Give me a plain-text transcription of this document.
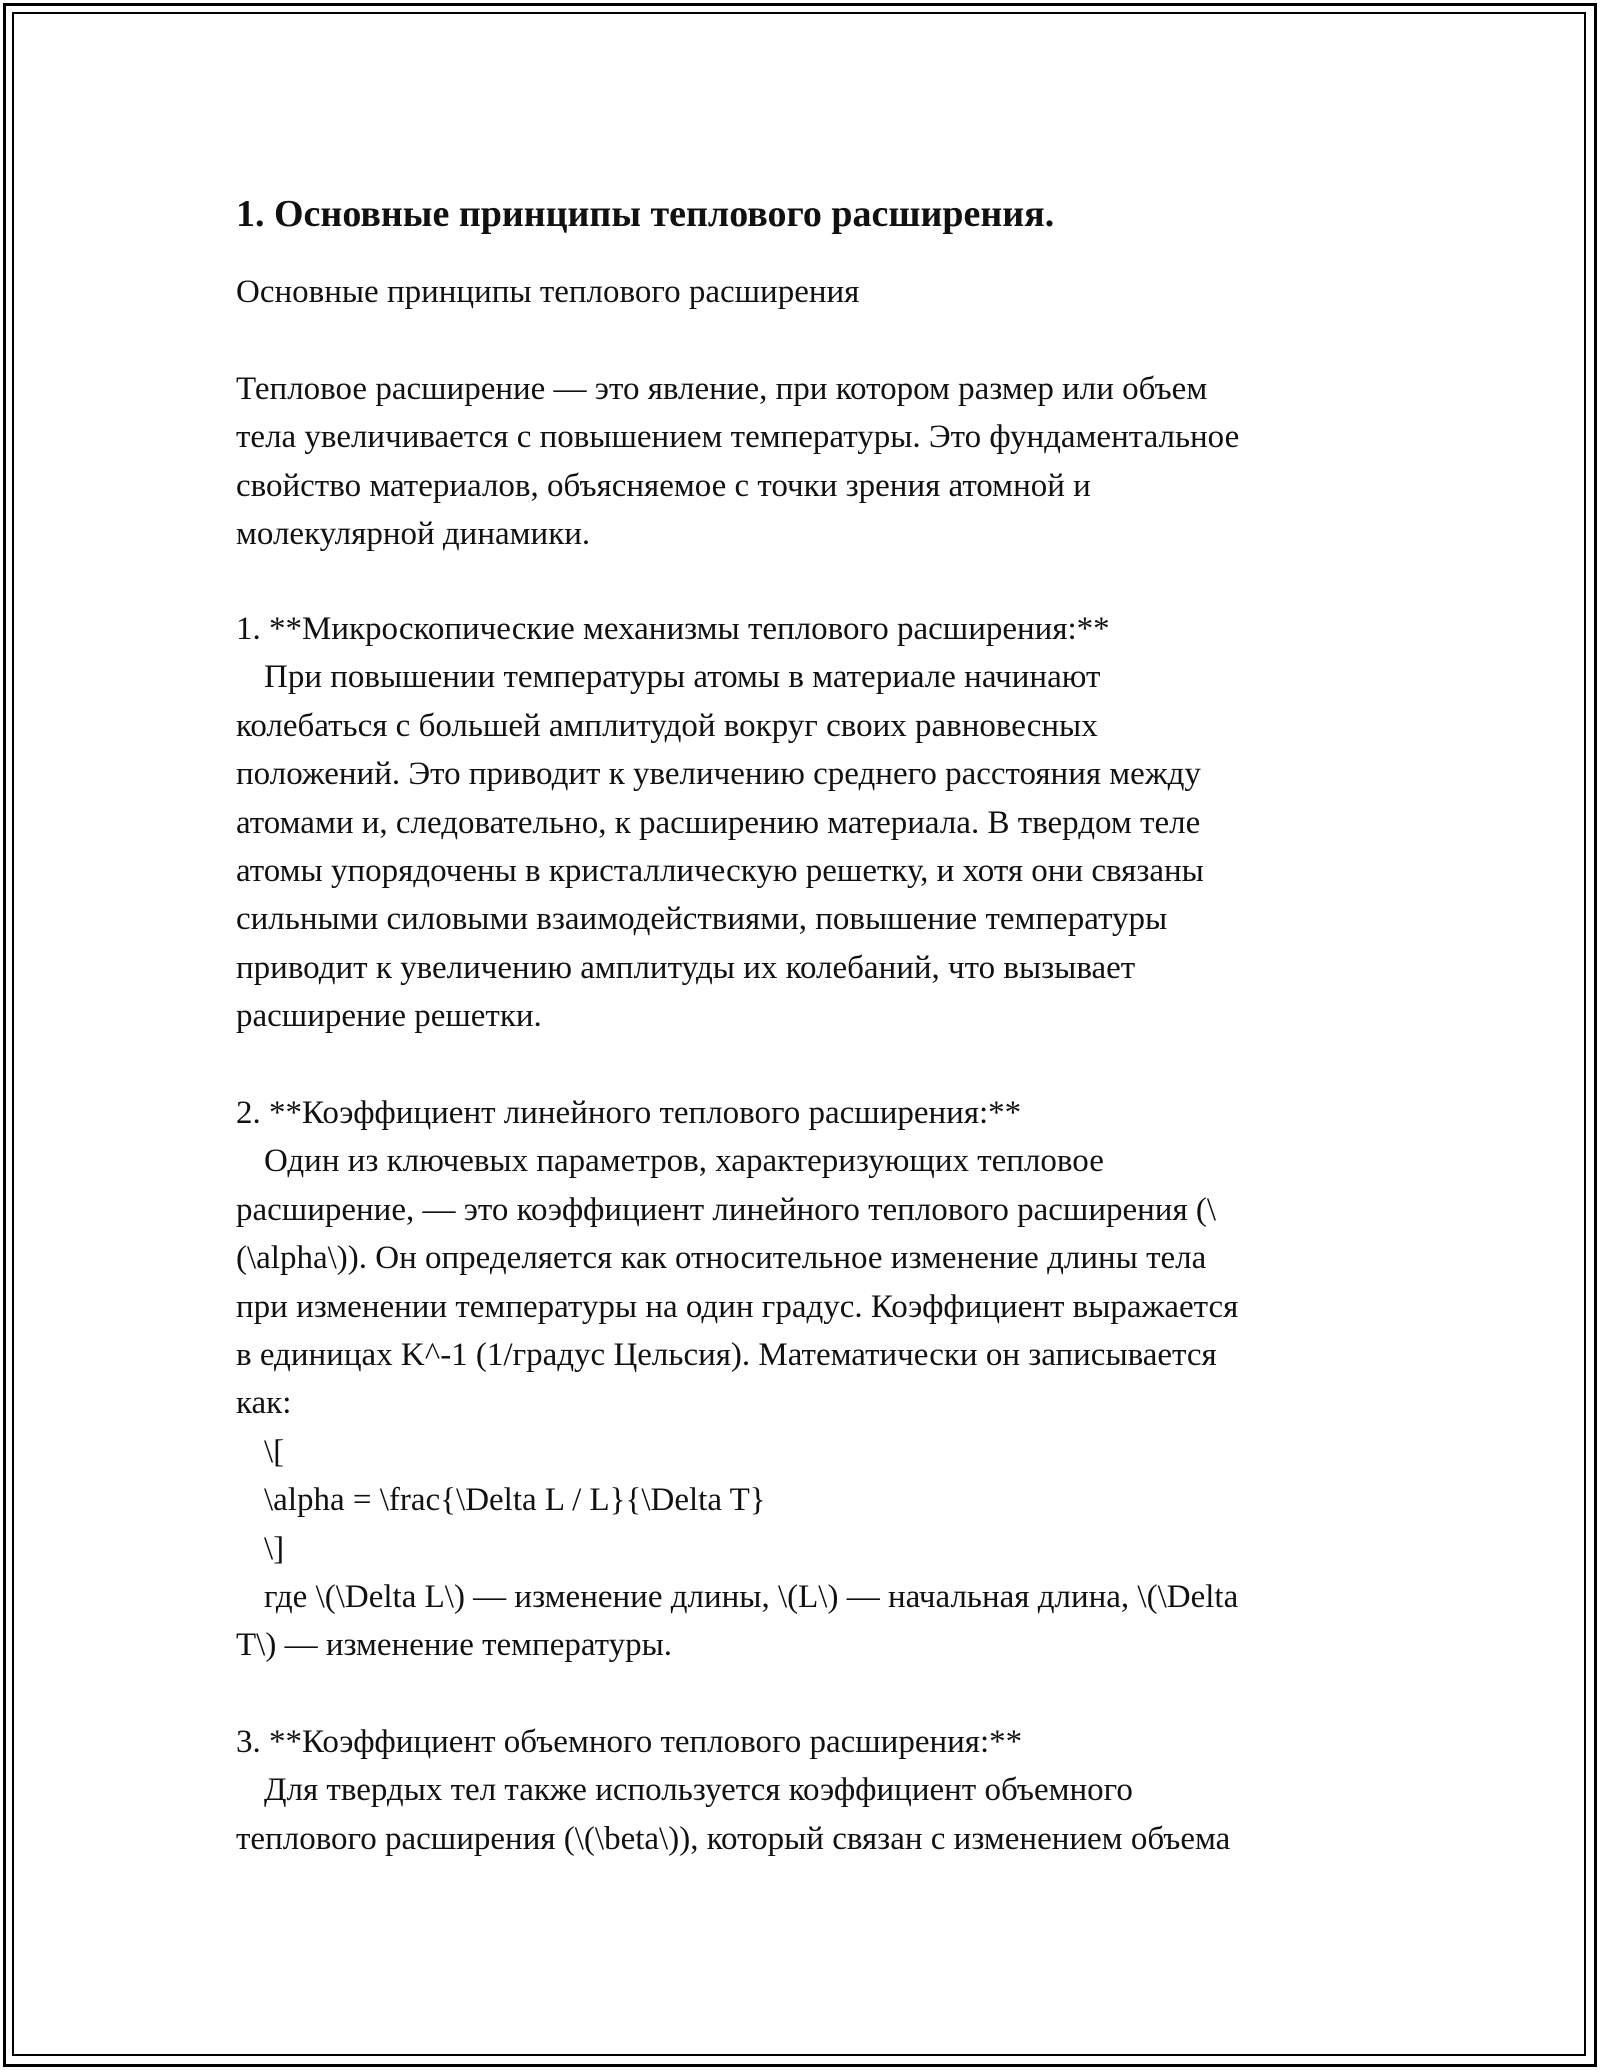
1. Основные принципы теплового расширения.

Основные принципы теплового расширения

Тепловое расширение — это явление, при котором размер или объем
тела увеличивается с повышением температуры. Это фундаментальное
свойство материалов, объясняемое с точки зрения атомной и
молекулярной динамики.

1. **Микроскопические механизмы теплового расширения:**
При повышении температуры атомы в материале начинают
колебаться с большей амплитудой вокруг своих равновесных
положений. Это приводит к увеличению среднего расстояния между
атомами и, следовательно, к расширению материала. В твердом теле
атомы упорядочены в кристаллическую решетку, и хотя они связаны
сильными силовыми взаимодействиями, повышение температуры
приводит к увеличению амплитуды их колебаний, что вызывает
расширение решетки.

2. **Коэффициент линейного теплового расширения:**
Один из ключевых параметров, характеризующих тепловое
расширение, — это коэффициент линейного теплового расширения (\
(\alpha\)). Он определяется как относительное изменение длины тела
при изменении температуры на один градус. Коэффициент выражается
в единицах K^-1 (1/градус Цельсия). Математически он записывается
как:
\[
\alpha = \frac{\Delta L / L}{\Delta T}
\]
где \(\Delta L\) — изменение длины, \(L\) — начальная длина, \(\Delta
T\) — изменение температуры.

3. **Коэффициент объемного теплового расширения:**
Для твердых тел также используется коэффициент объемного
теплового расширения (\(\beta\)), который связан с изменением объема
